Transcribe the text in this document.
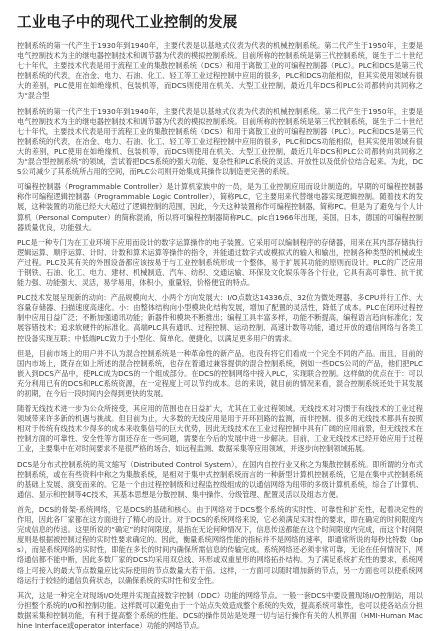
工业电子中的现代工业控制的发展

控制系统的第一代产生于1930年到1940年，主要代表是以基地式仪表为代表的机械控制系统。第二代产生于1950年，主要是电气控制技术为主的继电器控制技术和调节器为代表的模拟控制系统。目前所称的控制系统是第三代控制系统，诞生于二十世纪七十年代，主要技术代表是用于流程工业的集散控制系统（DCS）和用于离散工业的可编程控制器（PLC）。PLC和DCS是第三代控制系统的代表，在冶金、电力、石油、化工、轻工等工业过程控制中应用的很多，PLC和DCS功能相似，但其实使用领域有很大的差别，PLC使用在如绝缘机、包装机等，而DCS则使用在机关、大型工业控制，最近几年DCS和PLC公司都转向共同称之为“混合型

控制系统的第一代产生于1930年到1940年，主要代表是以基地式仪表为代表的机械控制系统。第二代产生于1950年，主要是电气控制技术为主的继电器控制技术和调节器为代表的模拟控制系统。目前所称的控制系统是第三代控制系统，诞生于二十世纪七十年代，主要技术代表是用于流程工业的集散控制系统（DCS）和用于离散工业的可编程控制器（PLC）。PLC和DCS是第三代控制系统的代表，在冶金、电力、石油、化工、轻工等工业过程控制中应用的很多，PLC和DCS功能相似，但其实使用领域有很大的差别，PLC使用在如绝缘机、包装机等，而DCS则使用在机关、大型工业控制，最近几年DCS和PLC公司都转向共同称之为“混合型控制系统”的领域，尝试着把DCS系统的强大功能、复杂性和PLC系统的灵活、开放性以及低价位结合起来。为此，DCS公司减少了其系统所占用的空间，而PLC公司则开始集成其操作以制造更完善的系统。

可编程控制器（Programmable Controller）是计算机家族中的一员，是为工业控制应用而设计制造的。早期的可编程控制器称作可编程逻辑控制器（Programmable Logic Controller），简称PLC，它主要用来代替继电器实现逻辑控制。随着技术的发展，这种装置的功能已经大大超过了逻辑控制的范围，因此，今天这种装置称作可编程控制器，简称PC。但是为了避免与个人计算机（Personal Computer）的简称混淆，所以将可编程控制器简称PLC。plc自1966年出现，美国，日本，德国的可编程控制器质量优良，功能强大。

PLC是一种专门为在工业环境下应用而设计的数字运算操作的电子装置。它采用可以编制程序的存储器，用来在其内部存储执行逻辑运算、顺序运算、计时、计数和算术运算等操作的指令，并能通过数字式或模拟式的输入和输出，控制各种类型的机械或生产过程。PLC及其有关的外围设备都应该按易于与工业控制系统形成一个整体，易于扩展其功能的原则而设计。PLC的广泛应用于钢铁、石油、化工、电力、建材、机械制造、汽车、纺织、交通运输、环保及文化娱乐等各个行业，它具有高可靠性、抗干扰能力强、功能强大、灵活，易学易用，体积小，重量轻，价格便宜的特点。

PLC技术发展呈现新的动向：产品规模向大、小两个方向发展大：I/O点数达14336点、32位为微处理器、多CPU并行工作、大容量存储器、扫描速度高速化。小：由整体结构向小型模块化结构发展，增加了配置的灵活性，降低了成本。PLC在闭环过程控制中应用日益广泛；不断加强通讯功能；新器件和模块不断推出；编程工具丰富多样，功能不断提高，编程语言趋向标准化；发展容错技术；追求软硬件的标准化。高端PLC具有通讯、过程控制、运动控制、高速计数等功能，通过开放的通信网络与各类工控设备实现互联；中低端PLC致力于小型化、简单化、便捷化，以满足更多用户的需求。

但是，目前市场上的用户并不认为混合控制系统是一种革命性的新产品，也没有将它们看成一个完全不同的产品。而且，目前的国内市场上，既存在如上所述的混合控制系统，也存在着通过兼容提供的混合控制系统，例如一些DCS公司的产品，他们把PLC嵌入到DCS产品中，使PLC成为DCS的一个组成部分。在DCS的控制网络中接入PLC，实现联合控制。这样做的优点在于：可以充分利用已有的DCS和PLC系统资源，在一定程度上可以节约成本。总的来说，就目前的情况来看，混合控制系统还处于其发展的初期，在今后一段时间内会得到更快的发展。

随着无线技术进一步为公众所接受，其应用的范围也在日益扩大，尤其在工业过程领域。无线技术对习惯于有线技术的工业过程领域带来许多新的机遇与挑战。但目前为止，大多数的无线应用是用于开环回路的监测，而非控制。很多的无线技术都具有按照相对于传统有线技术少得多的成本来收集信号的巨大优势，因此无线技术在工业过程控制中具有广阔的应用前景，但无线技术在控制方面的可靠性、安全性等方面还存在一些问题，需要在今后的发展中进一步解决。目前，工业无线技术已经开始应用于过程工业，主要集中在对时间要求不是很严格的场合，如远程监测、数据采集等应用领域，并逐步向控制领域拓展。

DCS是分布式控制系统的英文缩写（Distributed Control System），在国内自控行业又称之为集散控制系统。即所谓的分布式控制系统，或在有些资料中称之为集散系统，是相对于集中式控制系统而言的一种新型计算机控制系统，它是在集中式控制系统的基础上发展、演变而来的。它是一个由过程控制级和过程监控级组成的以通信网络为纽带的多级计算机系统，综合了计算机、通信、显示和控制等4C技术，其基本思想是分散控制、集中操作、分级管理、配置灵活以及组态方便。

首先，DCS的骨架-系统网络，它是DCS的基础和核心。由于网络对于DCS整个系统的实时性、可靠性和扩充性，起着决定性的作用，因此各厂家都在这方面进行了精心的设计。对于DCS的系统网络来说，它必须满足实时性的要求，即在确定的时间限度内完成信息的传送。这里所说的“确定”的时间限度，是指在无论何种情况下，信息传送都能在这个时间限度内完成，而这个时间限度则是根据被控制过程的实时性要求确定的。因此，衡量系统网络性能的指标并不是网络的速率，即通常所说的每秒比特数（bps），而是系统网络的实时性，即能在多长的时间内确保所需信息的传输完成。系统网络还必须非常可靠，无论在任何情况下，网络通信都不能中断，因此多数厂家的DCS均采用双总线、环形或双重星形的网络拓扑结构。为了满足系统扩充性的要求，系统网络上可接入的最大节点数量应比实际使用的节点数量大若干倍。这样，一方面可以随时增加新的节点，另一方面也可以使系统网络运行于较轻的通信负荷状态，以确保系统的实时性和安全性。

其次，这是一种完全对现场I/O处理并实现直接数字控制（DDC）功能的网络节点。一般一套DCS中要设置现场I/O控制站，用以分担整个系统的I/O和控制功能。这样既可以避免由于一个站点失效造成整个系统的失效，提高系统可靠性，也可以使各站点分担数据采集和控制功能，有利于提高整个系统的性能。DCS的操作员站是处理一切与运行操作有关的人机界面（HMI-Human Machine Interface或operator interface）功能的网络节点。
